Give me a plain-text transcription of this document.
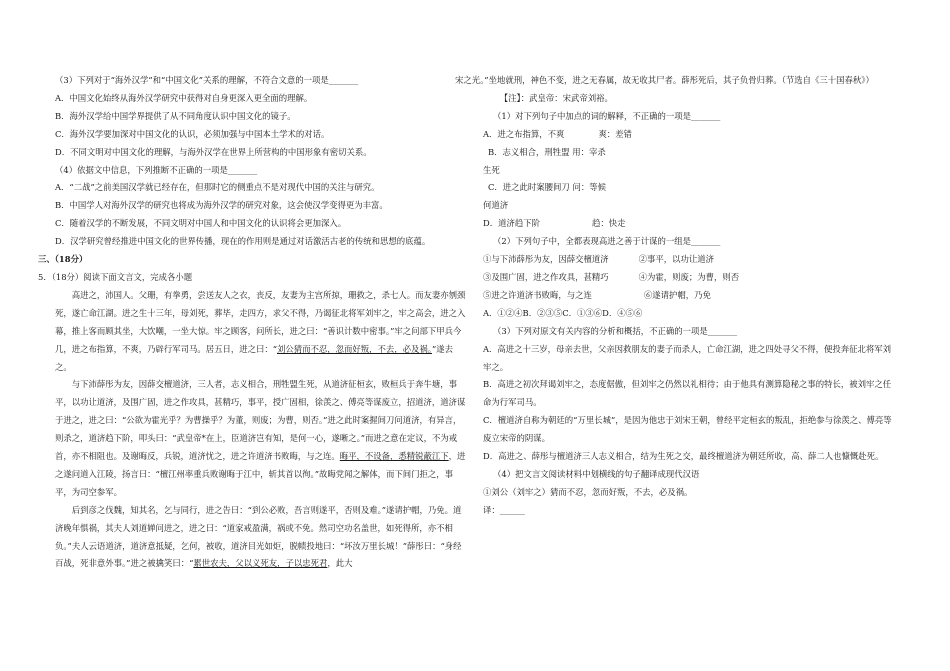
（3）下列对于“海外汉学”和“中国文化”关系的理解，不符合文意的一项是_______

A．中国文化始终从海外汉学研究中获得对自身更深入更全面的理解。

B．海外汉学给中国学界提供了从不同角度认识中国文化的镜子。

C．海外汉学要加深对中国文化的认识，必须加强与中国本土学术的对话。

D．不同文明对中国文化的理解，与海外汉学在世界上所营构的中国形象有密切关系。

（4）依据文中信息，下列推断不正确的一项是_______

A．“二战”之前美国汉学就已经存在，但那时它的侧重点不是对现代中国的关注与研究。

B．中国学人对海外汉学的研究也将成为海外汉学的研究对象，这会使汉学变得更为丰富。

C．随着汉学的不断发展，不同文明对中国人和中国文化的认识将会更加深入。

D．汉学研究曾经推进中国文化的世界传播，现在的作用则是通过对话激活古老的传统和思想的底蕴。

三、（18分）

5．（18分）阅读下面文言文，完成各小题

高进之，沛国人。父珊，有拳勇，尝送友人之衣，丧反，友妻为主宫所掠，珊救之，杀七人。而友妻亦刎颈死，遂亡命江湖。进之生十三年，母刘死，葬毕，走四方，求父不得，乃谒征北将军刘牢之，牢之高会，进之入幕，推上客而顾其坐，大饮嘲，一坐大惊。牢之顾客，问所长，进之曰：“善识计数中密事。”牢之问部下甲兵今几，进之布指算，不爽，乃辟行军司马。居五日，进之曰：“刘公猜而不忍，忽而好叛，不去，必及祸。”遂去之。

与下沛薛彤为友，因薛交檀道济，三人者，志义相合，刑牲盟生死，从道济征桓玄，败桓兵于奔牛塘，事平，以功让道济，及围广固，进之作攻具，甚精巧，事平，授广固相，徐羡之、傅亮等谋废立，招道济，道济谋于进之，进之曰：“公欲为霍光乎？为曹操乎？为董，则废；为曹，则否。”进之此时案握间刀问道济，有异言，则杀之，道济趋下阶，叩头曰：“武皇帝*在上，臣道济岂有知，是何一心，遂晰之。”而进之意在定议，不为戒首，亦不相阻也。及谢晦反，兵锐，道济忧之，进之许道济书败晦，与之连。晦平，不设备，悉精锐蔽江下，进之遂问道入江陵，扬言曰：“檀江州率重兵败谢晦于江中，斩其首以徇。”故晦党闻之解体，而下间门拒之，事平，为司空参军。

后到彦之伐魏，知其名，乞与同行，进之告曰：“到公必败，吾言则遂平，否则及难。”遂请护帽，乃免。道济晚年惧祸，其夫人刘道婵问进之，进之曰：“道家戒盈满，祸或不免。然司空功名盖世，如死得所，亦不相负。”夫人云语道济，道济意抵疑，乞何，被收，道济目光如炬，脱帻投地曰：“坏汝万里长城！”薛彤曰：“身经百战，死非意外事。”进之被擒笑曰：“累世农夫，父以义死友，子以忠死君，此大

宋之光。”坐地就刑，神色不变，进之无春属，故无收其尸者。薛彤死后，其子负骨归葬。（节选自《三十国春秋》）

【注】：武皇帝：宋武帝刘裕。

（1）对下列句子中加点的词的解释，不正确的一项是_______

A．进之布指算，不爽	爽：差错

B．志义相合，刑牲盟 用：宰杀

生死

C．进之此时案腰间刀 问：等候

何道济

D．道济趋下阶	趋：快走

（2）下列句子中，全都表现高进之善于计谋的一组是_______

①与下沛薛彤为友，因薛交檀道济	②事平，以功让道济

③及围广固，进之作攻具，甚精巧	④为霍，则废；为曹，则否

⑤进之许道济书败晦，与之连	⑥遂请护帽，乃免

A．①②④B．②③⑤C．①③⑥D．④⑤⑥

（3）下列对原文有关内容的分析和概括，不正确的一项是_______

A．高进之十三岁，母亲去世，父亲因救朋友的妻子而杀人，亡命江湖，进之四处寻父不得，便投奔征北将军刘牢之。

B．高进之初次拜谒刘牢之，态度倨傲，但刘牢之仍然以礼相待；由于他具有测算隐秘之事的特长，被刘牢之任命为行军司马。

C．檀道济自称为朝廷的“万里长城”，是因为他忠于刘宋王朝，曾经平定桓玄的叛乱，拒绝参与徐羡之、傅亮等废立宋帝的阴谋。

D．高进之、薛彤与檀道济三人志义相合，结为生死之交，最终檀道济为朝廷所收，高、薛二人也慷慨赴死。

（4）把文言文阅读材料中划横线的句子翻译成现代汉语

①刘公（刘牢之）猜而不忍，忽而好叛，不去，必及祸。

译：______
